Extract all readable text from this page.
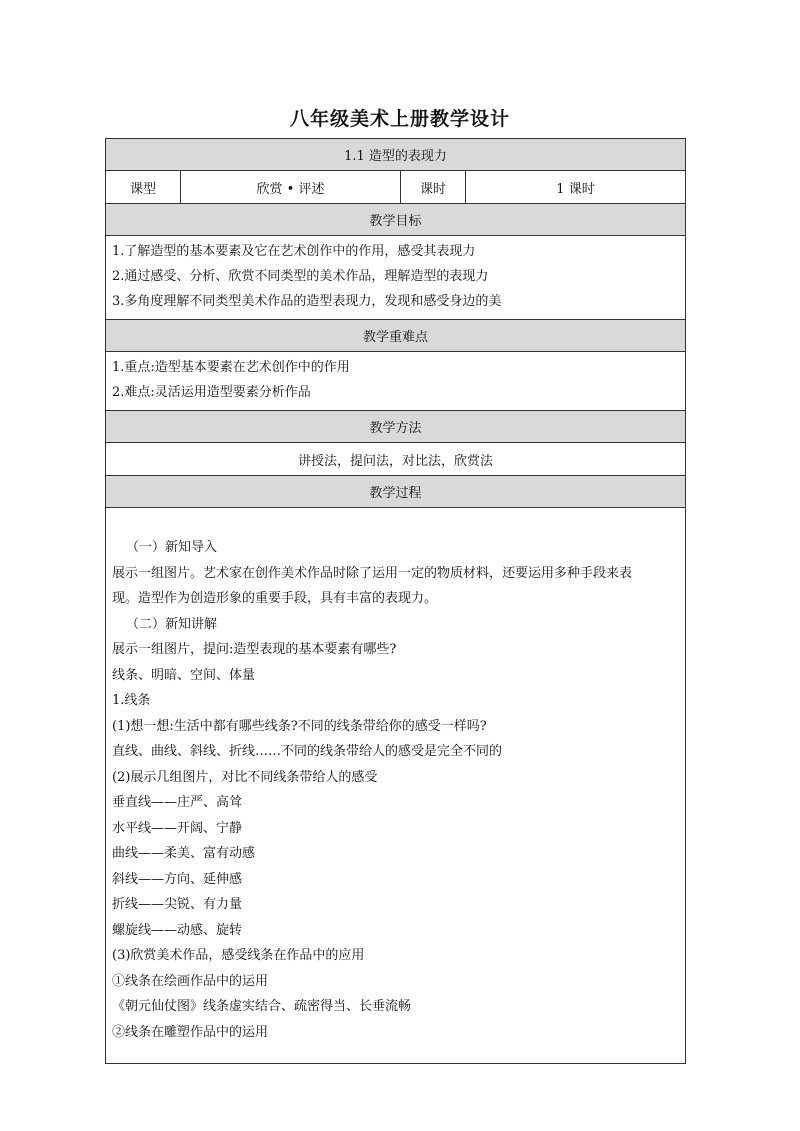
八年级美术上册教学设计
1.1 造型的表现力
课型	欣赏 • 评述	课时	1 课时
教学目标

1.了解造型的基本要素及它在艺术创作中的作用，感受其表现力
2.通过感受、分析、欣赏不同类型的美术作品，理解造型的表现力
3.多角度理解不同类型美术作品的造型表现力，发现和感受身边的美

教学重难点

1.重点:造型基本要素在艺术创作中的作用
2.难点:灵活运用造型要素分析作品

教学方法
讲授法，提问法，对比法，欣赏法
教学过程

（一）新知导入
展示一组图片。艺术家在创作美术作品时除了运用一定的物质材料，还要运用多种手段来表
现。造型作为创造形象的重要手段，具有丰富的表现力。
（二）新知讲解
展示一组图片，提问:造型表现的基本要素有哪些?
线条、明暗、空间、体量
1.线条
(1)想一想:生活中都有哪些线条?不同的线条带给你的感受一样吗?
直线、曲线、斜线、折线……不同的线条带给人的感受是完全不同的
(2)展示几组图片，对比不同线条带给人的感受
垂直线——庄严、高耸
水平线——开阔、宁静
曲线——柔美、富有动感
斜线——方向、延伸感
折线——尖锐、有力量
螺旋线——动感、旋转
(3)欣赏美术作品，感受线条在作品中的应用
①线条在绘画作品中的运用
《朝元仙仗图》线条虚实结合、疏密得当、长垂流畅
②线条在雕塑作品中的运用
